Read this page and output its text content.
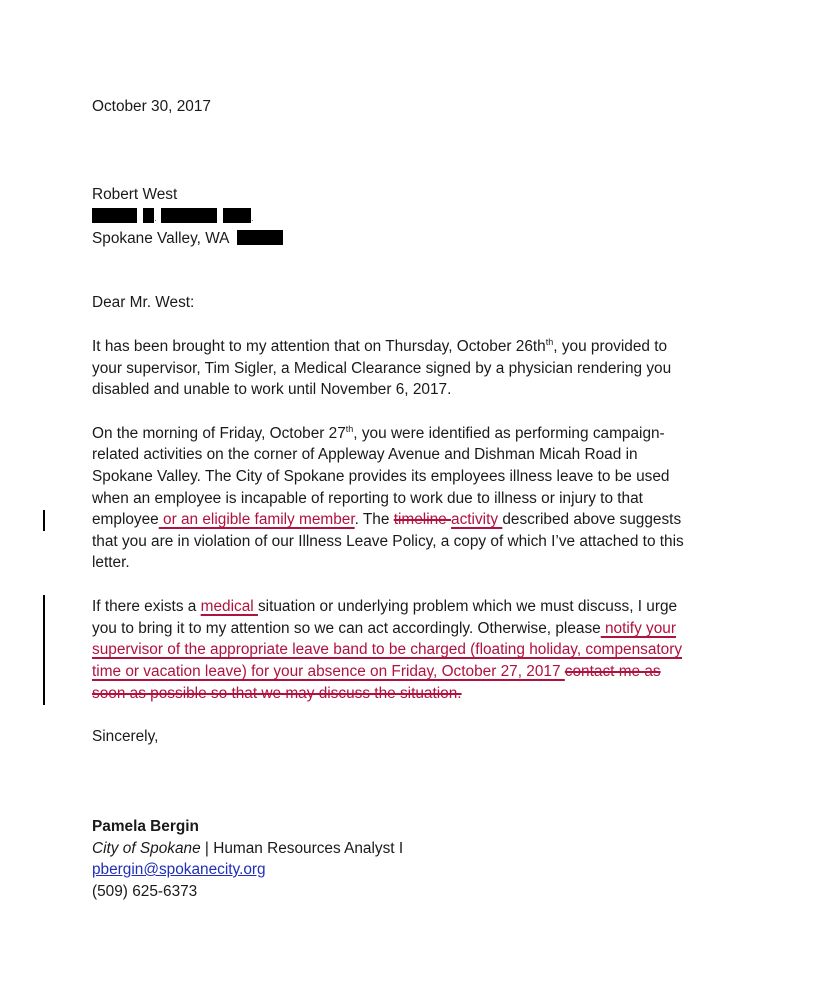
October 30, 2017
Robert West
.	.
Spokane Valley, WA
Dear Mr. West:
It has been brought to my attention that on Thursday, October $26th^{th}$, you provided to
your supervisor, Tim Sigler, a Medical Clearance signed by a physician rendering you
disabled and unable to work until November 6, 2017.
On the morning of Friday, October 27th, you were identified as performing campaign-
related activities on the corner of Appleway Avenue and Dishman Micah Road in
Spokane Valley. The City of Spokane provides its employees illness leave to be used
when an employee is incapable of reporting to work due to illness or injury to that
employee or an eligible family member. The timeline activity described above suggests
that you are in violation of our Illness Leave Policy, a copy of which I’ve attached to this
letter.
If there exists a medical situation or underlying problem which we must discuss, I urge
you to bring it to my attention so we can act accordingly. Otherwise, please notify your
supervisor of the appropriate leave band to be charged (floating holiday, compensatory
time or vacation leave) for your absence on Friday, October 27, 2017 contact me as
soon as possible so that we may discuss the situation.
Sincerely,
Pamela Bergin
City of Spokane | Human Resources Analyst I
pbergin@spokanecity.org
(509) 625-6373
